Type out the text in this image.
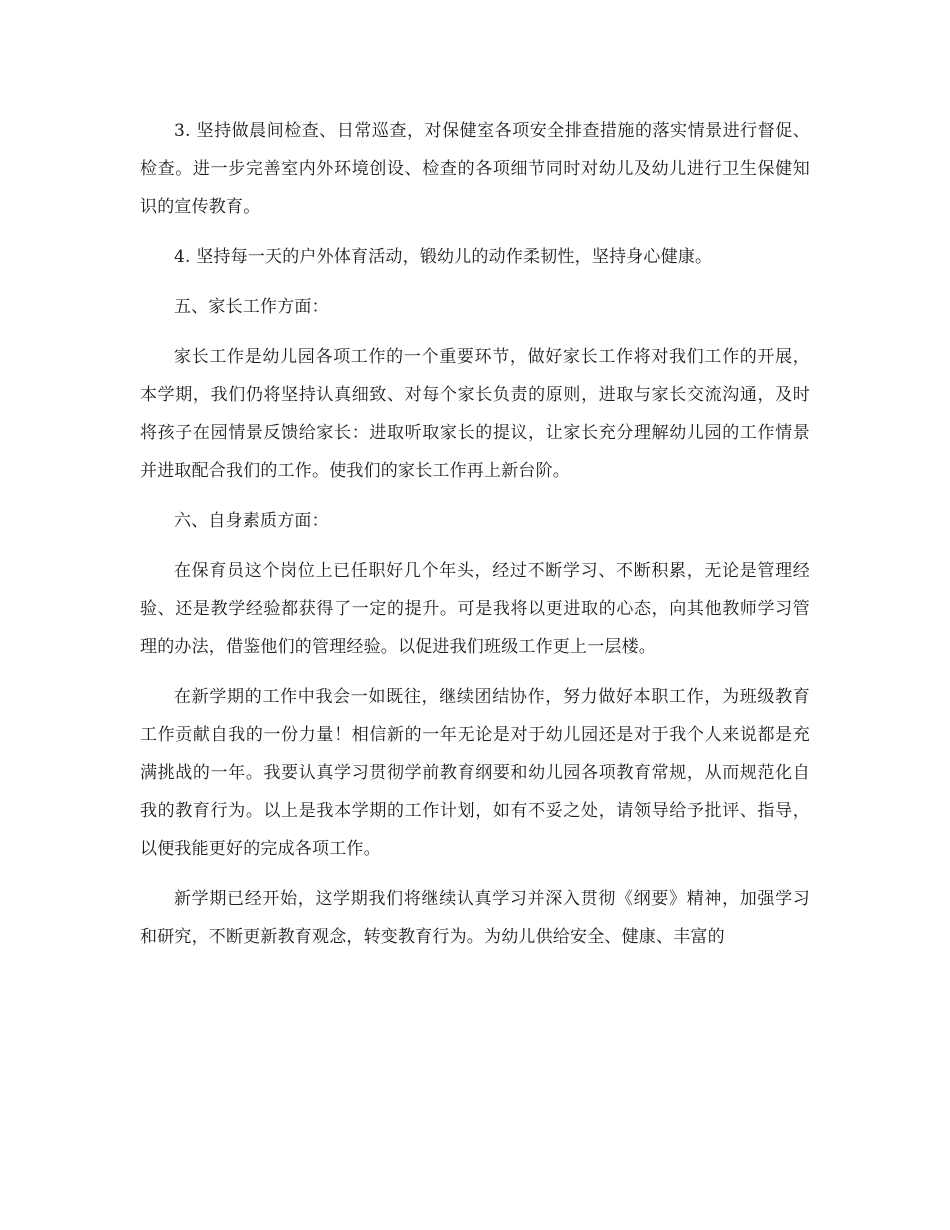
3. 坚持做晨间检查、日常巡查，对保健室各项安全排查措施的落实情景进行督促、检查。进一步完善室内外环境创设、检查的各项细节同时对幼儿及幼儿进行卫生保健知识的宣传教育。

4. 坚持每一天的户外体育活动，锻幼儿的动作柔韧性，坚持身心健康。

五、家长工作方面：

家长工作是幼儿园各项工作的一个重要环节，做好家长工作将对我们工作的开展，本学期，我们仍将坚持认真细致、对每个家长负责的原则，进取与家长交流沟通，及时将孩子在园情景反馈给家长：进取听取家长的提议，让家长充分理解幼儿园的工作情景并进取配合我们的工作。使我们的家长工作再上新台阶。

六、自身素质方面：

在保育员这个岗位上已任职好几个年头，经过不断学习、不断积累，无论是管理经验、还是教学经验都获得了一定的提升。可是我将以更进取的心态，向其他教师学习管理的办法，借鉴他们的管理经验。以促进我们班级工作更上一层楼。

在新学期的工作中我会一如既往，继续团结协作，努力做好本职工作，为班级教育工作贡献自我的一份力量！相信新的一年无论是对于幼儿园还是对于我个人来说都是充满挑战的一年。我要认真学习贯彻学前教育纲要和幼儿园各项教育常规，从而规范化自我的教育行为。以上是我本学期的工作计划，如有不妥之处，请领导给予批评、指导，以便我能更好的完成各项工作。

新学期已经开始，这学期我们将继续认真学习并深入贯彻《纲要》精神，加强学习和研究，不断更新教育观念，转变教育行为。为幼儿供给安全、健康、丰富的
